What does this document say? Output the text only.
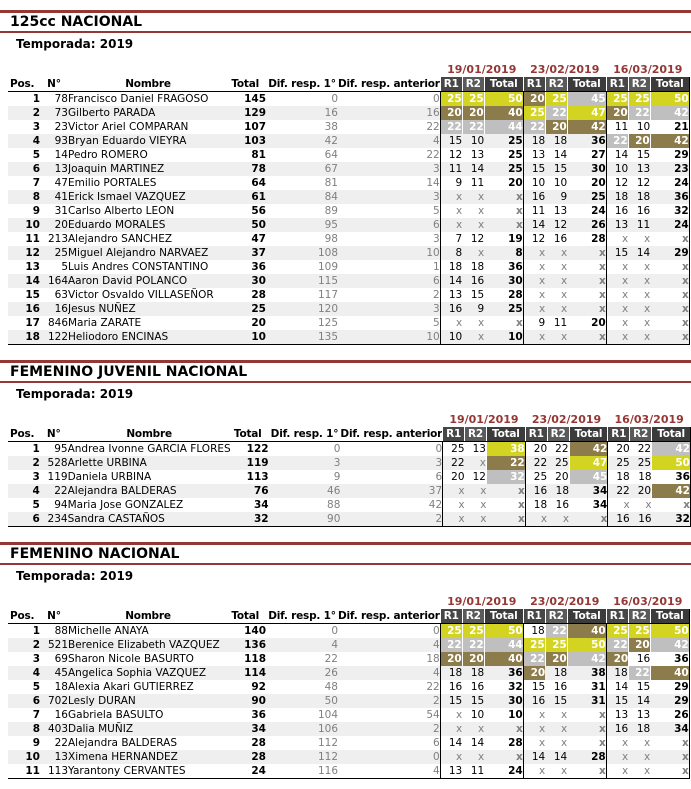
125cc NACIONAL
Temporada: 2019
						19/01/2019			23/02/2019			16/03/2019		
Pos.	N°	Nombre	Total	Dif. resp. 1°	Dif. resp. anterior	R1	R2	Total	R1	R2	Total	R1	R2	Total
1	78	Francisco Daniel FRAGOSO	145	0	0	25	25	50	20	25	45	25	25	50
2	73	Gilberto PARADA	129	16	16	20	20	40	25	22	47	20	22	42
3	23	Victor Ariel COMPARAN	107	38	22	22	22	44	22	20	42	11	10	21
4	93	Bryan Eduardo VIEYRA	103	42	4	15	10	25	18	18	36	22	20	42
5	14	Pedro ROMERO	81	64	22	12	13	25	13	14	27	14	15	29
6	13	Joaquin MARTINEZ	78	67	3	11	14	25	15	15	30	10	13	23
7	47	Emilio PORTALES	64	81	14	9	11	20	10	10	20	12	12	24
8	41	Erick Ismael VAZQUEZ	61	84	3	x	x	x	16	9	25	18	18	36
9	31	Carlso Alberto LEON	56	89	5	x	x	x	11	13	24	16	16	32
10	20	Eduardo MORALES	50	95	6	x	x	x	14	12	26	13	11	24
11	213	Alejandro SANCHEZ	47	98	3	7	12	19	12	16	28	x	x	x
12	25	Miguel Alejandro NARVAEZ	37	108	10	8	x	8	x	x	x	15	14	29
13	5	Luis Andres CONSTANTINO	36	109	1	18	18	36	x	x	x	x	x	x
14	164	Aaron David POLANCO	30	115	6	14	16	30	x	x	x	x	x	x
15	63	Victor Osvaldo VILLASEÑOR	28	117	2	13	15	28	x	x	x	x	x	x
16	16	Jesus NUÑEZ	25	120	3	16	9	25	x	x	x	x	x	x
17	846	Maria ZARATE	20	125	5	x	x	x	9	11	20	x	x	x
18	122	Heliodoro ENCINAS	10	135	10	10	x	10	x	x	x	x	x	x
FEMENINO JUVENIL NACIONAL
Temporada: 2019
						19/01/2019			23/02/2019			16/03/2019		
Pos.	N°	Nombre	Total	Dif. resp. 1°	Dif. resp. anterior	R1	R2	Total	R1	R2	Total	R1	R2	Total
1	95	Andrea Ivonne GARCIA FLORES	122	0	0	25	13	38	20	22	42	20	22	42
2	528	Arlette URBINA	119	3	3	22	x	22	22	25	47	25	25	50
3	119	Daniela URBINA	113	9	6	20	12	32	25	20	45	18	18	36
4	22	Alejandra BALDERAS	76	46	37	x	x	x	16	18	34	22	20	42
5	94	Maria Jose GONZALEZ	34	88	42	x	x	x	18	16	34	x	x	x
6	234	Sandra CASTAÑOS	32	90	2	x	x	x	x	x	x	16	16	32
FEMENINO NACIONAL
Temporada: 2019
						19/01/2019			23/02/2019			16/03/2019		
Pos.	N°	Nombre	Total	Dif. resp. 1°	Dif. resp. anterior	R1	R2	Total	R1	R2	Total	R1	R2	Total
1	88	Michelle ANAYA	140	0	0	25	25	50	18	22	40	25	25	50
2	521	Berenice Elizabeth VAZQUEZ	136	4	4	22	22	44	25	25	50	22	20	42
3	69	Sharon Nicole BASURTO	118	22	18	20	20	40	22	20	42	20	16	36
4	45	Angelica Sophia VAZQUEZ	114	26	4	18	18	36	20	18	38	18	22	40
5	18	Alexia Akari GUTIERREZ	92	48	22	16	16	32	15	16	31	14	15	29
6	702	Lesly DURAN	90	50	2	15	15	30	16	15	31	15	14	29
7	16	Gabriela BASULTO	36	104	54	x	10	10	x	x	x	13	13	26
8	403	Dalia MUÑIZ	34	106	2	x	x	x	x	x	x	16	18	34
9	22	Alejandra BALDERAS	28	112	6	14	14	28	x	x	x	x	x	x
10	13	Ximena HERNANDEZ	28	112	0	x	x	x	14	14	28	x	x	x
11	113	Yarantony CERVANTES	24	116	4	13	11	24	x	x	x	x	x	x
